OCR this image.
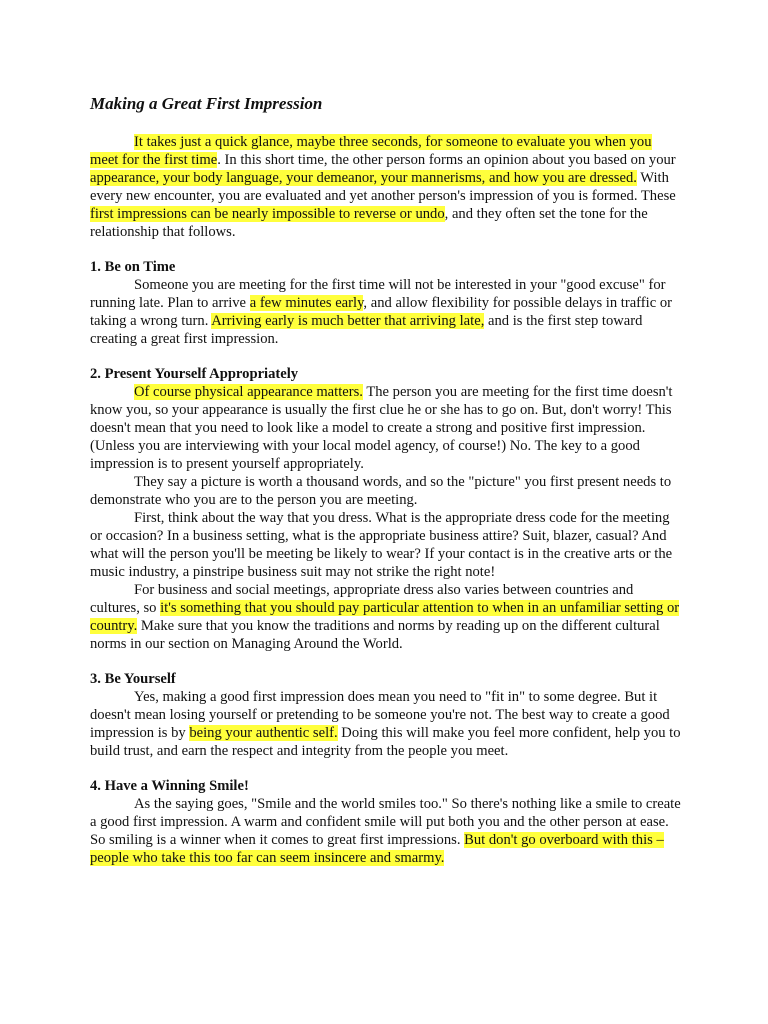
Making a Great First Impression

It takes just a quick glance, maybe three seconds, for someone to evaluate you when you meet for the first time. In this short time, the other person forms an opinion about you based on your appearance, your body language, your demeanor, your mannerisms, and how you are dressed. With every new encounter, you are evaluated and yet another person's impression of you is formed. These first impressions can be nearly impossible to reverse or undo, and they often set the tone for the relationship that follows.

1. Be on Time

Someone you are meeting for the first time will not be interested in your "good excuse" for running late. Plan to arrive a few minutes early, and allow flexibility for possible delays in traffic or taking a wrong turn. Arriving early is much better that arriving late, and is the first step toward creating a great first impression.

2. Present Yourself Appropriately

Of course physical appearance matters. The person you are meeting for the first time doesn't know you, so your appearance is usually the first clue he or she has to go on. But, don't worry! This doesn't mean that you need to look like a model to create a strong and positive first impression. (Unless you are interviewing with your local model agency, of course!) No. The key to a good impression is to present yourself appropriately.

They say a picture is worth a thousand words, and so the "picture" you first present needs to demonstrate who you are to the person you are meeting.

First, think about the way that you dress. What is the appropriate dress code for the meeting or occasion? In a business setting, what is the appropriate business attire? Suit, blazer, casual? And what will the person you'll be meeting be likely to wear? If your contact is in the creative arts or the music industry, a pinstripe business suit may not strike the right note!

For business and social meetings, appropriate dress also varies between countries and cultures, so it's something that you should pay particular attention to when in an unfamiliar setting or country. Make sure that you know the traditions and norms by reading up on the different cultural norms in our section on Managing Around the World.

3. Be Yourself

Yes, making a good first impression does mean you need to "fit in" to some degree. But it doesn't mean losing yourself or pretending to be someone you're not. The best way to create a good impression is by being your authentic self. Doing this will make you feel more confident, help you to build trust, and earn the respect and integrity from the people you meet.

4. Have a Winning Smile!

As the saying goes, "Smile and the world smiles too." So there's nothing like a smile to create a good first impression. A warm and confident smile will put both you and the other person at ease. So smiling is a winner when it comes to great first impressions. But don't go overboard with this – people who take this too far can seem insincere and smarmy.
